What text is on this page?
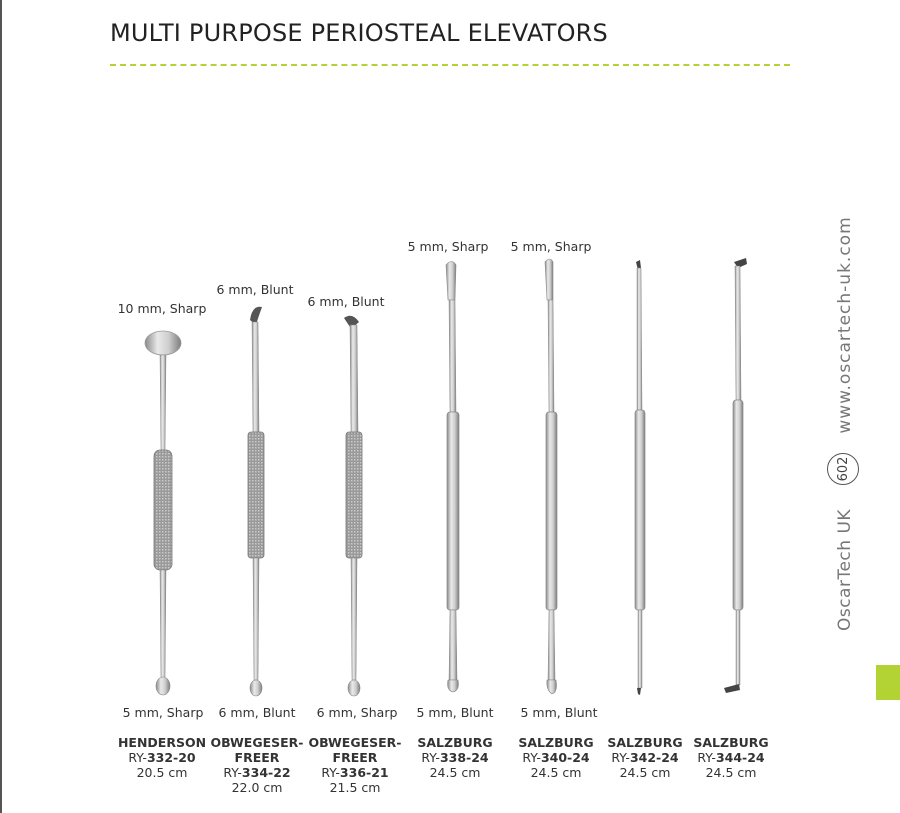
MULTI PURPOSE PERIOSTEAL ELEVATORS
www.oscartech-uk.com
602
OscarTech UK
10 mm, Sharp
6 mm, Blunt
6 mm, Blunt
5 mm, Sharp 5 mm, Sharp
5 mm, Sharp 6 mm, Blunt 6 mm, Sharp 5 mm, Blunt 5 mm, Blunt
HENDERSON
RY-332-20
20.5 cm
OBWEGESER-
FREER
RY-334-22
22.0 cm
OBWEGESER-
FREER
RY-336-21
21.5 cm
SALZBURG
RY-338-24
24.5 cm
SALZBURG
RY-340-24
24.5 cm
SALZBURG
RY-342-24
24.5 cm
SALZBURG
RY-344-24
24.5 cm
